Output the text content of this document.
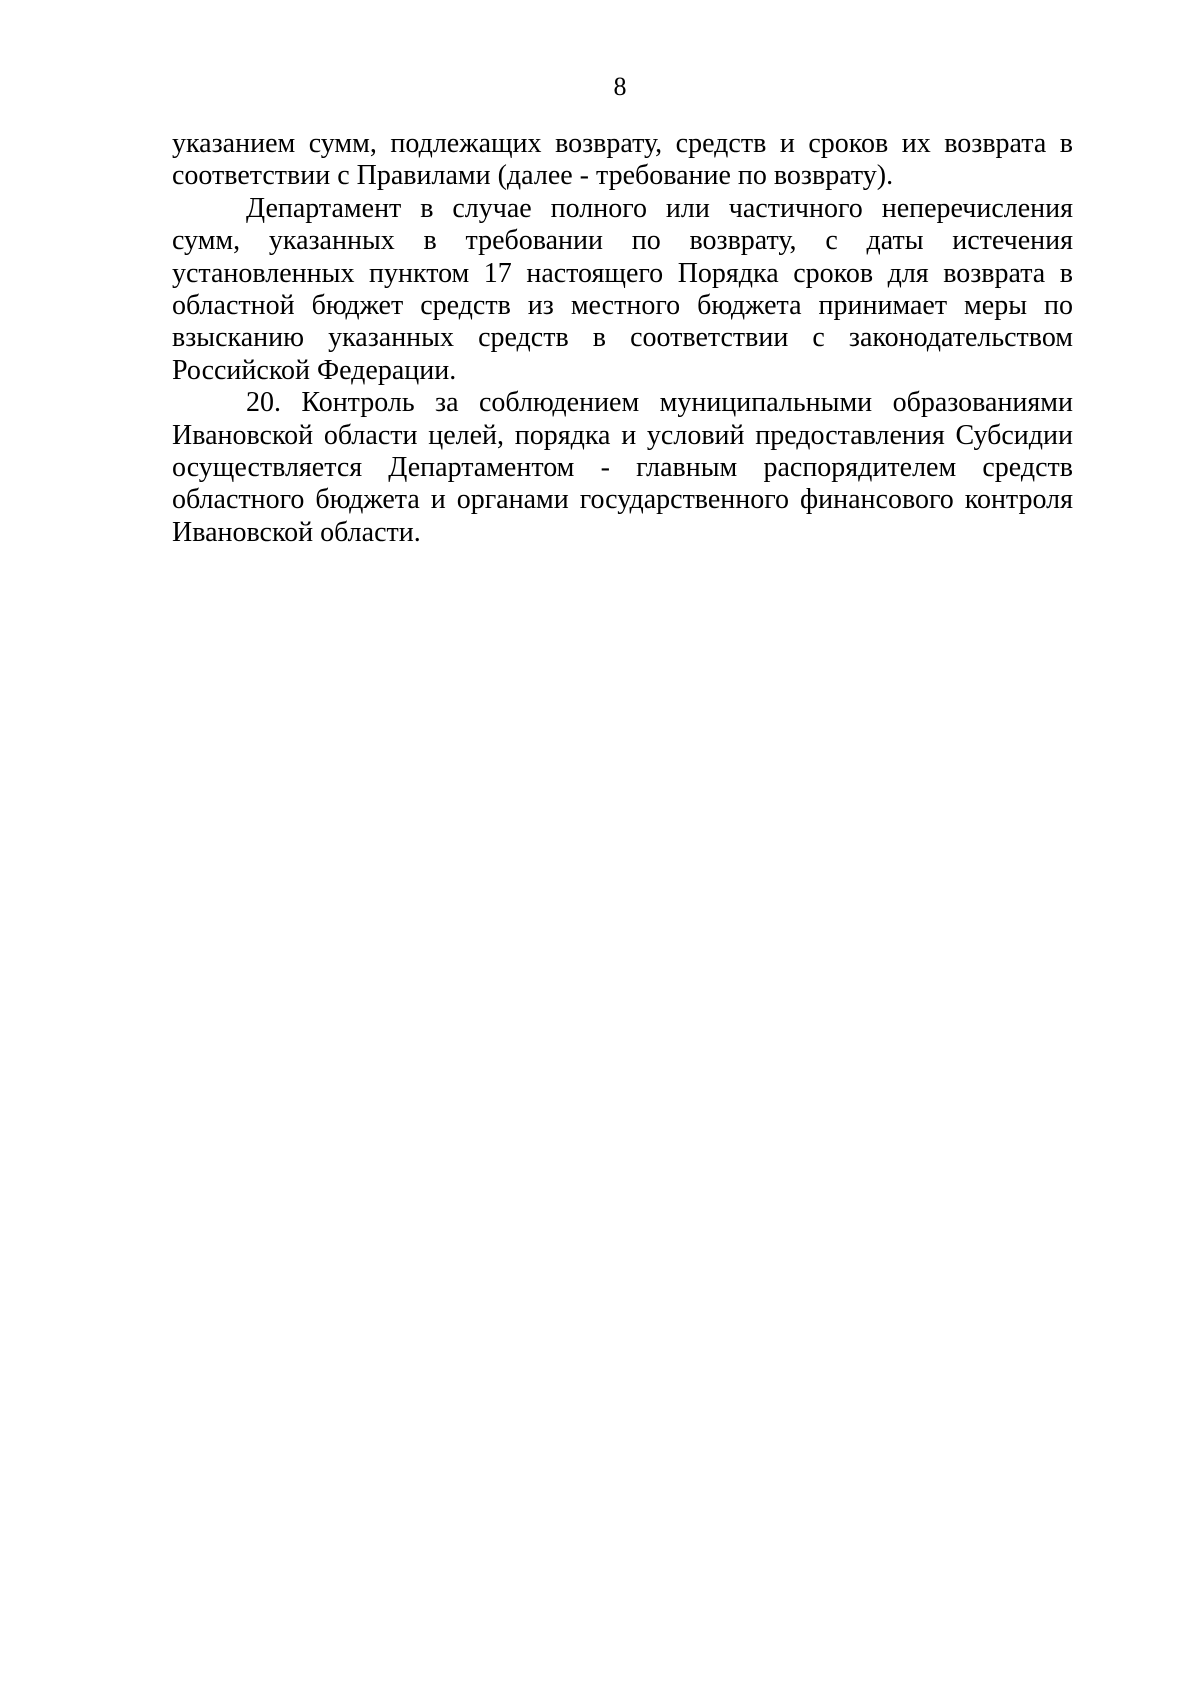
8

указанием сумм, подлежащих возврату, средств и сроков их возврата в соответствии с Правилами (далее - требование по возврату).

Департамент в случае полного или частичного неперечисления сумм, указанных в требовании по возврату, с даты истечения установленных пунктом 17 настоящего Порядка сроков для возврата в областной бюджет средств из местного бюджета принимает меры по взысканию указанных средств в соответствии с законодательством Российской Федерации.

20. Контроль за соблюдением муниципальными образованиями Ивановской области целей, порядка и условий предоставления Субсидии осуществляется Департаментом - главным распорядителем средств областного бюджета и органами государственного финансового контроля Ивановской области.
